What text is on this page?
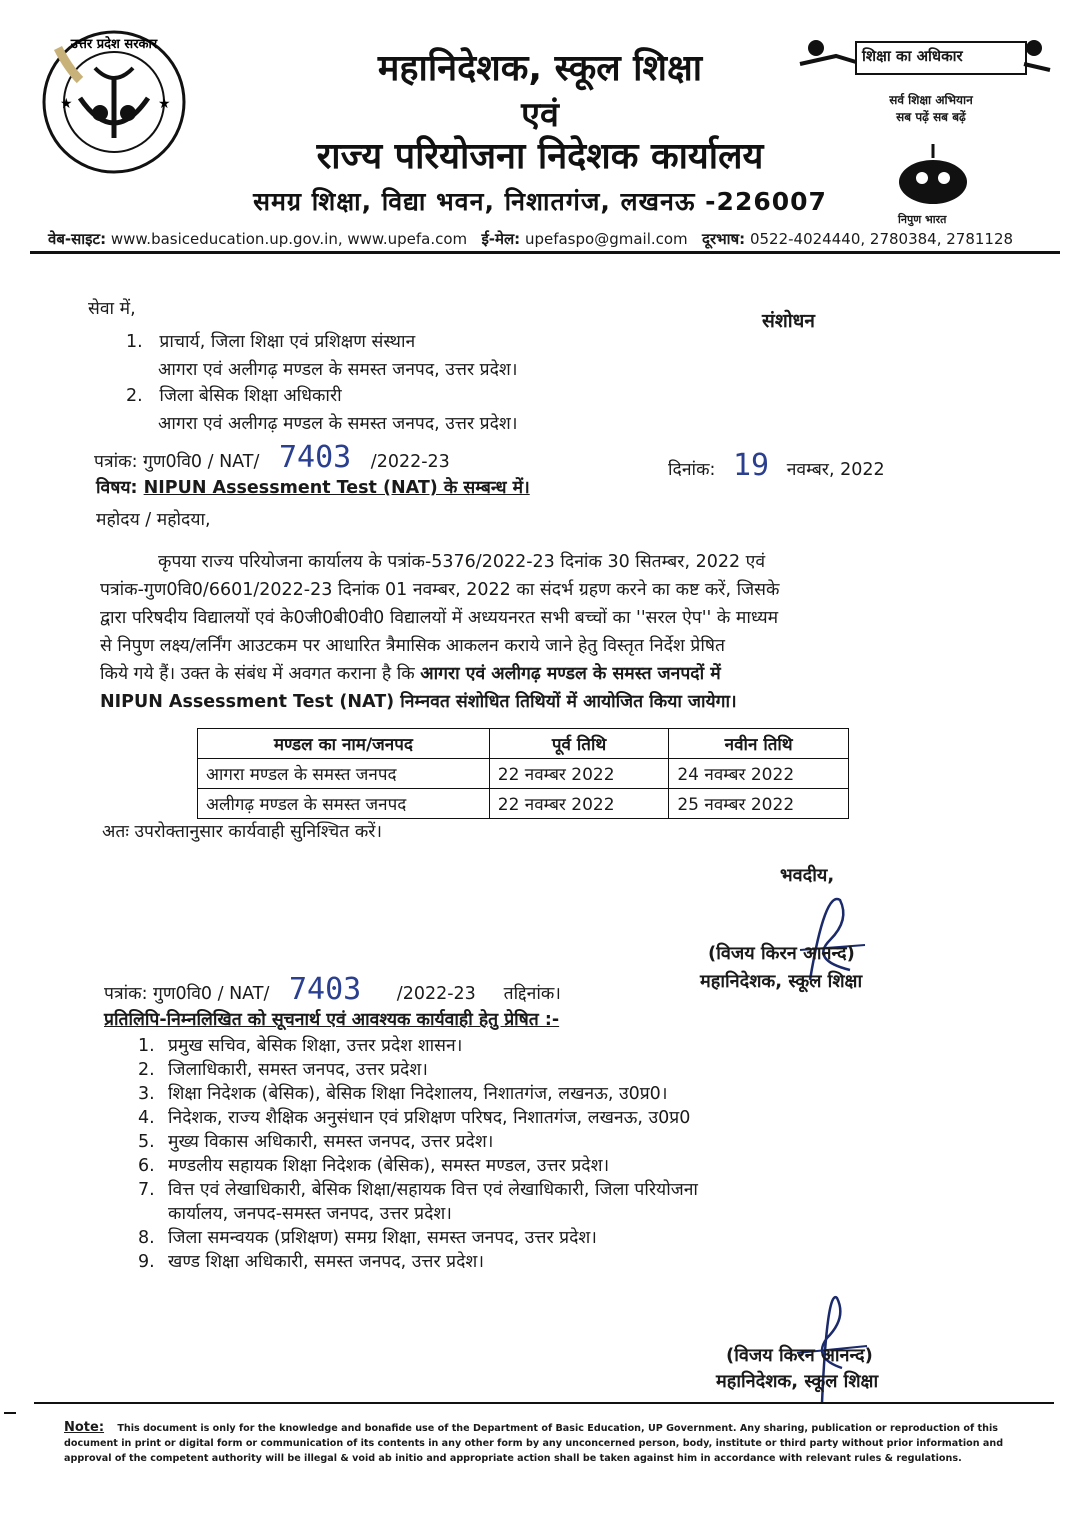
उत्तर प्रदेश सरकार
★	★
महानिदेशक, स्कूल शिक्षा
एवं
राज्य परियोजना निदेशक कार्यालय
समग्र शिक्षा, विद्या भवन, निशातगंज, लखनऊ -226007
शिक्षा का अधिकार
सर्व शिक्षा अभियान
सब पढ़ें सब बढ़ें
निपुण भारत
वेब-साइट: www.basiceducation.up.gov.in, www.upefa.com ई-मेल: upefaspo@gmail.com दूरभाष: 0522-4024440, 2780384, 2781128
सेवा में,
संशोधन
1. प्राचार्य, जिला शिक्षा एवं प्रशिक्षण संस्थान
आगरा एवं अलीगढ़ मण्डल के समस्त जनपद, उत्तर प्रदेश।
2. जिला बेसिक शिक्षा अधिकारी
आगरा एवं अलीगढ़ मण्डल के समस्त जनपद, उत्तर प्रदेश।
पत्रांक: गुण0वि0 / NAT/ 7403 /2022-23	दिनांक: 19 नवम्बर, 2022
विषय: NIPUN Assessment Test (NAT) के सम्बन्ध में।
महोदय / महोदया,
कृपया राज्य परियोजना कार्यालय के पत्रांक-5376/2022-23 दिनांक 30 सितम्बर, 2022 एवं
पत्रांक-गुण0वि0/6601/2022-23 दिनांक 01 नवम्बर, 2022 का संदर्भ ग्रहण करने का कष्ट करें, जिसके
द्वारा परिषदीय विद्यालयों एवं के0जी0बी0वी0 विद्यालयों में अध्ययनरत सभी बच्चों का ''सरल ऐप'' के माध्यम
से निपुण लक्ष्य/लर्निंग आउटकम पर आधारित त्रैमासिक आकलन कराये जाने हेतु विस्तृत निर्देश प्रेषित
किये गये हैं। उक्त के संबंध में अवगत कराना है कि आगरा एवं अलीगढ़ मण्डल के समस्त जनपदों में
NIPUN Assessment Test (NAT) निम्नवत संशोधित तिथियों में आयोजित किया जायेगा।
मण्डल का नाम/जनपद	पूर्व तिथि	नवीन तिथि
आगरा मण्डल के समस्त जनपद	22 नवम्बर 2022	24 नवम्बर 2022
अलीगढ़ मण्डल के समस्त जनपद	22 नवम्बर 2022	25 नवम्बर 2022
अतः उपरोक्तानुसार कार्यवाही सुनिश्चित करें।
भवदीय,
(विजय किरन आनन्द)
महानिदेशक, स्कूल शिक्षा
पत्रांक: गुण0वि0 / NAT/ 7403 /2022-23 तद्दिनांक।
प्रतिलिपि-निम्नलिखित को सूचनार्थ एवं आवश्यक कार्यवाही हेतु प्रेषित :-
1. प्रमुख सचिव, बेसिक शिक्षा, उत्तर प्रदेश शासन।
2. जिलाधिकारी, समस्त जनपद, उत्तर प्रदेश।
3. शिक्षा निदेशक (बेसिक), बेसिक शिक्षा निदेशालय, निशातगंज, लखनऊ, उ0प्र0।
4. निदेशक, राज्य शैक्षिक अनुसंधान एवं प्रशिक्षण परिषद, निशातगंज, लखनऊ, उ0प्र0
5. मुख्य विकास अधिकारी, समस्त जनपद, उत्तर प्रदेश।
6. मण्डलीय सहायक शिक्षा निदेशक (बेसिक), समस्त मण्डल, उत्तर प्रदेश।
7. वित्त एवं लेखाधिकारी, बेसिक शिक्षा/सहायक वित्त एवं लेखाधिकारी, जिला परियोजना
कार्यालय, जनपद-समस्त जनपद, उत्तर प्रदेश।
8. जिला समन्वयक (प्रशिक्षण) समग्र शिक्षा, समस्त जनपद, उत्तर प्रदेश।
9. खण्ड शिक्षा अधिकारी, समस्त जनपद, उत्तर प्रदेश।
(विजय किरन आनन्द)
महानिदेशक, स्कूल शिक्षा
Note: This document is only for the knowledge and bonafide use of the Department of Basic Education, UP Government. Any sharing, publication or reproduction of this document in print or digital form or communication of its contents in any other form by any unconcerned person, body, institute or third party without prior information and approval of the competent authority will be illegal & void ab initio and appropriate action shall be taken against him in accordance with relevant rules & regulations.
